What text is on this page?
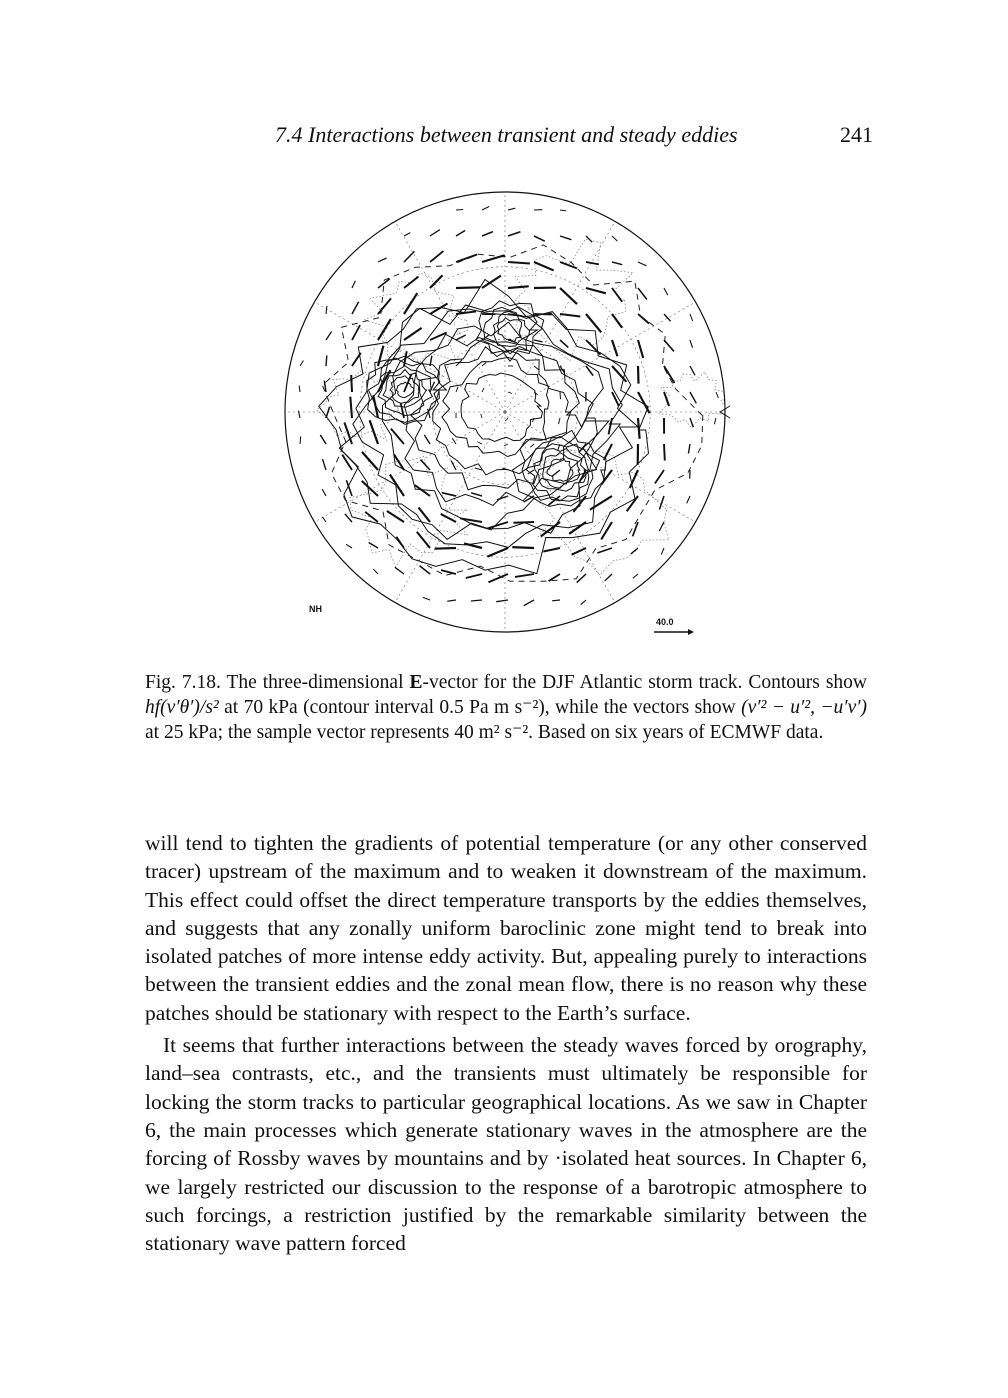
7.4 Interactions between transient and steady eddies	241
NH
40.0
Fig. 7.18. The three-dimensional E-vector for the DJF Atlantic storm track. Contours show hf(v′θ′)/s² at 70 kPa (contour interval 0.5 Pa m s⁻²), while the vectors show (v′² − u′², −u′v′) at 25 kPa; the sample vector represents 40 m² s⁻². Based on six years of ECMWF data.

will tend to tighten the gradients of potential temperature (or any other conserved tracer) upstream of the maximum and to weaken it downstream of the maximum. This effect could offset the direct temperature transports by the eddies themselves, and suggests that any zonally uniform baroclinic zone might tend to break into isolated patches of more intense eddy activity. But, appealing purely to interactions between the transient eddies and the zonal mean flow, there is no reason why these patches should be stationary with respect to the Earth’s surface.

It seems that further interactions between the steady waves forced by orography, land–sea contrasts, etc., and the transients must ultimately be responsible for locking the storm tracks to particular geographical locations. As we saw in Chapter 6, the main processes which generate stationary waves in the atmosphere are the forcing of Rossby waves by mountains and by ·isolated heat sources. In Chapter 6, we largely restricted our discussion to the response of a barotropic atmosphere to such forcings, a restriction justified by the remarkable similarity between the stationary wave pattern forced
